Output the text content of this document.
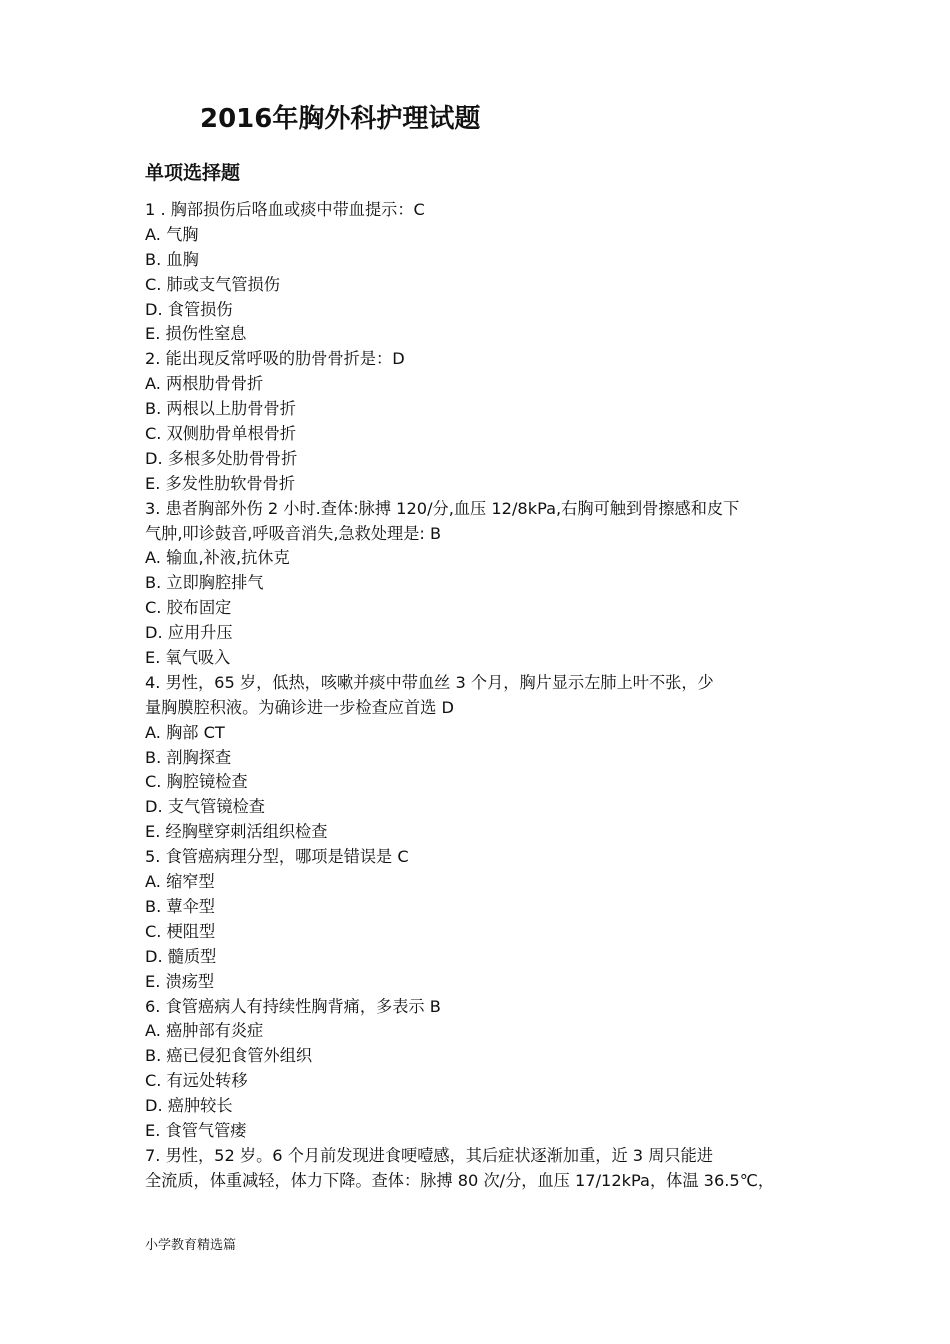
2016年胸外科护理试题
单项选择题
1 . 胸部损伤后咯血或痰中带血提示：C
A. 气胸
B. 血胸
C. 肺或支气管损伤
D. 食管损伤
E. 损伤性窒息
2. 能出现反常呼吸的肋骨骨折是：D
A. 两根肋骨骨折
B. 两根以上肋骨骨折
C. 双侧肋骨单根骨折
D. 多根多处肋骨骨折
E. 多发性肋软骨骨折
3. 患者胸部外伤 2 小时.查体:脉搏 120/分,血压 12/8kPa,右胸可触到骨擦感和皮下
气肿,叩诊鼓音,呼吸音消失,急救处理是: B
A. 输血,补液,抗休克
B. 立即胸腔排气
C. 胶布固定
D. 应用升压
E. 氧气吸入
4. 男性，65 岁，低热，咳嗽并痰中带血丝 3 个月，胸片显示左肺上叶不张，少
量胸膜腔积液。为确诊进一步检查应首选 D
A. 胸部 CT
B. 剖胸探查
C. 胸腔镜检查
D. 支气管镜检查
E. 经胸壁穿刺活组织检查
5. 食管癌病理分型，哪项是错误是 C
A. 缩窄型
B. 蕈伞型
C. 梗阻型
D. 髓质型
E. 溃疡型
6. 食管癌病人有持续性胸背痛，多表示 B
A. 癌肿部有炎症
B. 癌已侵犯食管外组织
C. 有远处转移
D. 癌肿较长
E. 食管气管瘘
7. 男性，52 岁。6 个月前发现进食哽噎感，其后症状逐渐加重，近 3 周只能进
全流质，体重减轻，体力下降。查体：脉搏 80 次/分，血压 17/12kPa，体温 36.5℃，
小学教育精选篇
